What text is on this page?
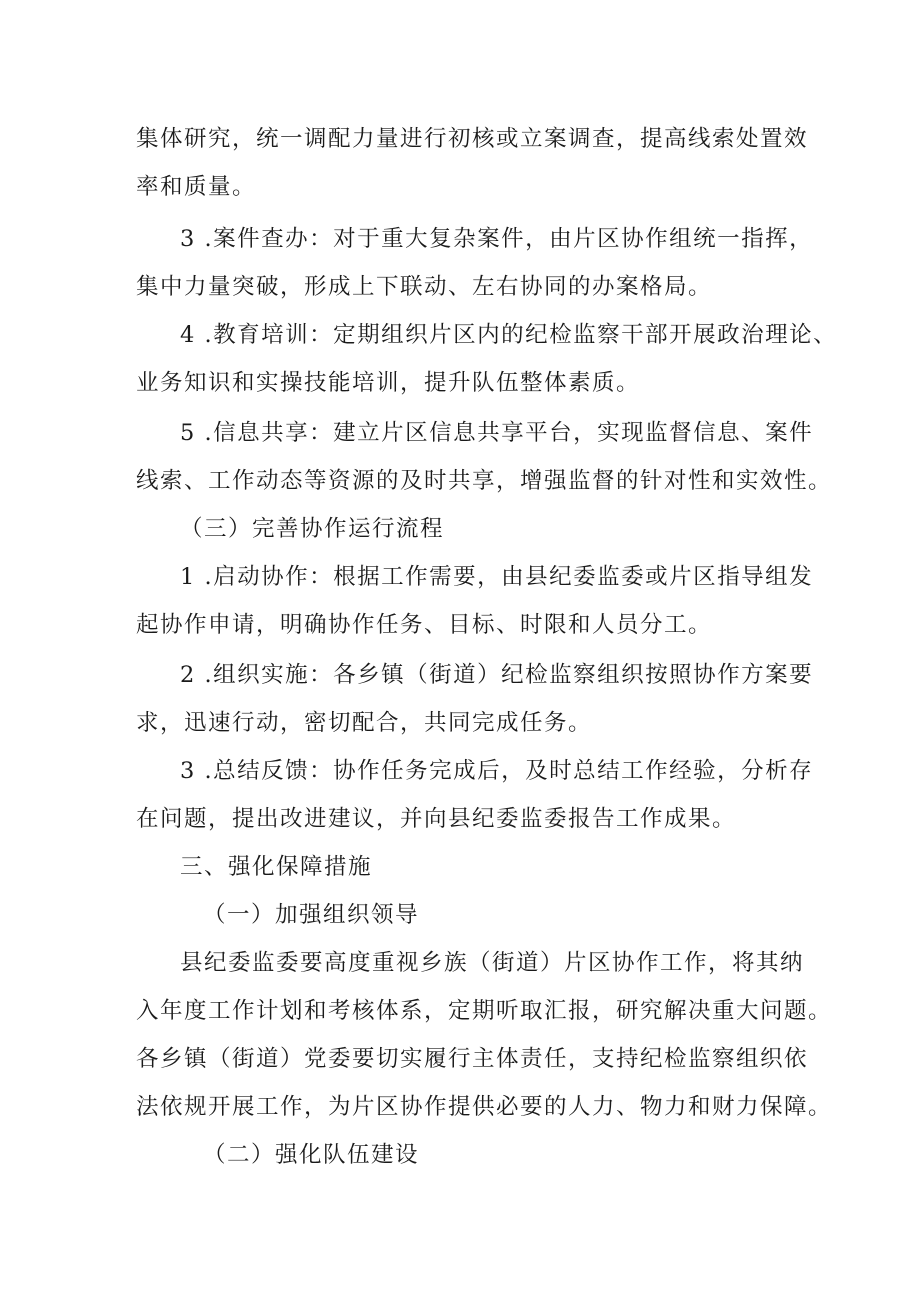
集体研究，统一调配力量进行初核或立案调查，提高线索处置效
率和质量。
3 .案件查办：对于重大复杂案件，由片区协作组统一指挥，
集中力量突破，形成上下联动、左右协同的办案格局。
4 .教育培训：定期组织片区内的纪检监察干部开展政治理论、
业务知识和实操技能培训，提升队伍整体素质。
5 .信息共享：建立片区信息共享平台，实现监督信息、案件
线索、工作动态等资源的及时共享，增强监督的针对性和实效性。
（三）完善协作运行流程
1 .启动协作：根据工作需要，由县纪委监委或片区指导组发
起协作申请，明确协作任务、目标、时限和人员分工。
2 .组织实施：各乡镇（街道）纪检监察组织按照协作方案要
求，迅速行动，密切配合，共同完成任务。
3 .总结反馈：协作任务完成后，及时总结工作经验，分析存
在问题，提出改进建议，并向县纪委监委报告工作成果。
三、强化保障措施
（一）加强组织领导
县纪委监委要高度重视乡族（街道）片区协作工作，将其纳
入年度工作计划和考核体系，定期听取汇报，研究解决重大问题。
各乡镇（街道）党委要切实履行主体责任，支持纪检监察组织依
法依规开展工作，为片区协作提供必要的人力、物力和财力保障。
（二）强化队伍建设
